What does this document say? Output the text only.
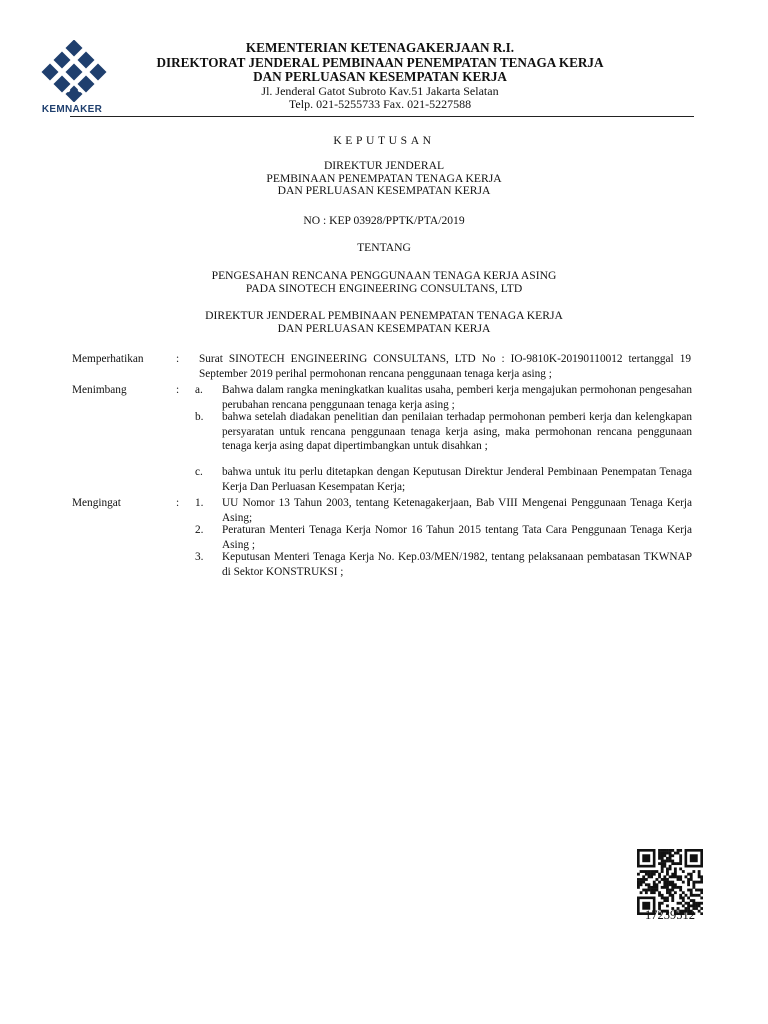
KEMNAKER
KEMENTERIAN KETENAGAKERJAAN R.I.
DIREKTORAT JENDERAL PEMBINAAN PENEMPATAN TENAGA KERJA
DAN PERLUASAN KESEMPATAN KERJA
Jl. Jenderal Gatot Subroto Kav.51 Jakarta Selatan
Telp. 021-5255733 Fax. 021-5227588
KEPUTUSAN
DIREKTUR JENDERAL
PEMBINAAN PENEMPATAN TENAGA KERJA
DAN PERLUASAN KESEMPATAN KERJA
NO : KEP 03928/PPTK/PTA/2019
TENTANG
PENGESAHAN RENCANA PENGGUNAAN TENAGA KERJA ASING
PADA SINOTECH ENGINEERING CONSULTANS, LTD
DIREKTUR JENDERAL PEMBINAAN PENEMPATAN TENAGA KERJA
DAN PERLUASAN KESEMPATAN KERJA
Memperhatikan	: Surat SINOTECH ENGINEERING CONSULTANS, LTD No : IO-9810K-20190110012 tertanggal 19 September 2019 perihal permohonan rencana penggunaan tenaga kerja asing ;
Menimbang	: a. Bahwa dalam rangka meningkatkan kualitas usaha, pemberi kerja mengajukan permohonan pengesahan perubahan rencana penggunaan tenaga kerja asing ;
b. bahwa setelah diadakan penelitian dan penilaian terhadap permohonan pemberi kerja dan kelengkapan persyaratan untuk rencana penggunaan tenaga kerja asing, maka permohonan rencana penggunaan tenaga kerja asing dapat dipertimbangkan untuk disahkan ;
c. bahwa untuk itu perlu ditetapkan dengan Keputusan Direktur Jenderal Pembinaan Penempatan Tenaga Kerja Dan Perluasan Kesempatan Kerja;
Mengingat	: 1. UU Nomor 13 Tahun 2003, tentang Ketenagakerjaan, Bab VIII Mengenai Penggunaan Tenaga Kerja Asing;
2. Peraturan Menteri Tenaga Kerja Nomor 16 Tahun 2015 tentang Tata Cara Penggunaan Tenaga Kerja Asing ;
3. Keputusan Menteri Tenaga Kerja No. Kep.03/MEN/1982, tentang pelaksanaan pembatasan TKWNAP di Sektor KONSTRUKSI ;
17239512
